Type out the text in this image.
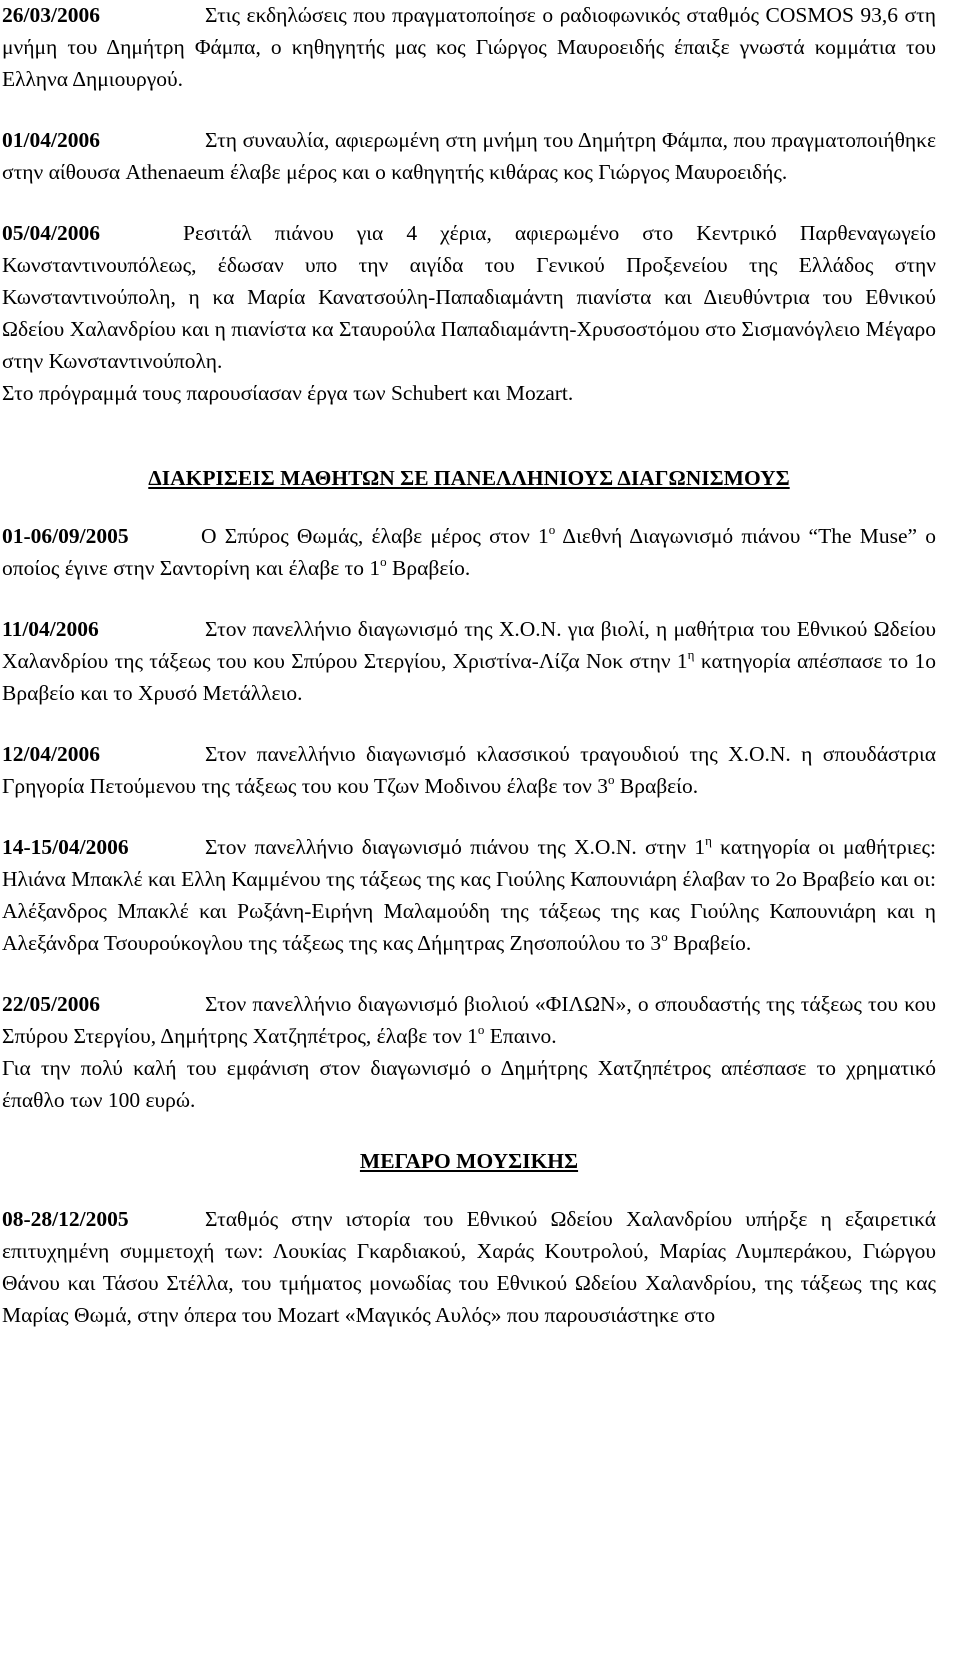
26/03/2006	Στις εκδηλώσεις που πραγματοποίησε ο ραδιοφωνικός σταθμός COSMOS 93,6 στη μνήμη του Δημήτρη Φάμπα, ο κηθηγητής μας κος Γιώργος Μαυροειδής έπαιξε γνωστά κομμάτια του Ελληνα Δημιουργού.

01/04/2006	Στη συναυλία, αφιερωμένη στη μνήμη του Δημήτρη Φάμπα, που πραγματοποιήθηκε στην αίθουσα Athenaeum έλαβε μέρος και ο καθηγητής κιθάρας κος Γιώργος Μαυροειδής.

05/04/2006	Ρεσιτάλ πιάνου για 4 χέρια, αφιερωμένο στο Κεντρικό Παρθεναγωγείο Κωνσταντινουπόλεως, έδωσαν υπο την αιγίδα του Γενικού Προξενείου της Ελλάδος στην Κωνσταντινούπολη, η κα Μαρία Κανατσούλη-Παπαδιαμάντη πιανίστα και Διευθύντρια του Εθνικού Ωδείου Χαλανδρίου και η πιανίστα κα Σταυρούλα Παπαδιαμάντη-Χρυσοστόμου στο Σισμανόγλειο Μέγαρο στην Κωνσταντινούπολη.

Στο πρόγραμμά τους παρουσίασαν έργα των Schubert και Mozart.

ΔΙΑΚΡΙΣΕΙΣ ΜΑΘΗΤΩΝ ΣΕ ΠΑΝΕΛΛΗΝΙΟΥΣ ΔΙΑΓΩΝΙΣΜΟΥΣ

01-06/09/2005	Ο Σπύρος Θωμάς, έλαβε μέρος στον $1^o$ Διεθνή Διαγωνισμό πιάνου “The Muse” ο οποίος έγινε στην Σαντορίνη και έλαβε το $1^o$ Βραβείο.

11/04/2006	Στον πανελλήνιο διαγωνισμό της Χ.Ο.Ν. για βιολί, η μαθήτρια του Εθνικού Ωδείου Χαλανδρίου της τάξεως του κου Σπύρου Στεργίου, Χριστίνα-Λίζα Νοκ στην $1^\eta$ κατηγορία απέσπασε το 1ο Βραβείο και το Χρυσό Μετάλλειο.

12/04/2006	Στον πανελλήνιο διαγωνισμό κλασσικού τραγουδιού της Χ.Ο.Ν. η σπουδάστρια Γρηγορία Πετούμενου της τάξεως του κου Τζων Μοδινου έλαβε τον $3^o$ Βραβείο.

14-15/04/2006	Στον πανελλήνιο διαγωνισμό πιάνου της Χ.Ο.Ν. στην $1^\eta$ κατηγορία οι μαθήτριες: Ηλιάνα Μπακλέ και Ελλη Καμμένου της τάξεως της κας Γιούλης Καπουνιάρη έλαβαν το 2ο Βραβείο και οι: Αλέξανδρος Μπακλέ και Ρωξάνη-Ειρήνη Μαλαμούδη της τάξεως της κας Γιούλης Καπουνιάρη και η Αλεξάνδρα Τσουρούκογλου της τάξεως της κας Δήμητρας Ζησοπούλου το $3^o$ Βραβείο.

22/05/2006	Στον πανελλήνιο διαγωνισμό βιολιού «ΦΙΛΩΝ», ο σπουδαστής της τάξεως του κου Σπύρου Στεργίου, Δημήτρης Χατζηπέτρος, έλαβε τον $1^o$ Επαινο.

Για την πολύ καλή του εμφάνιση στον διαγωνισμό ο Δημήτρης Χατζηπέτρος απέσπασε το χρηματικό έπαθλο των 100 ευρώ.

ΜΕΓΑΡΟ ΜΟΥΣΙΚΗΣ

08-28/12/2005	Σταθμός στην ιστορία του Εθνικού Ωδείου Χαλανδρίου υπήρξε η εξαιρετικά επιτυχημένη συμμετοχή των: Λουκίας Γκαρδιακού, Χαράς Κουτρολού, Μαρίας Λυμπεράκου, Γιώργου Θάνου και Τάσου Στέλλα, του τμήματος μονωδίας του Εθνικού Ωδείου Χαλανδρίου, της τάξεως της κας Μαρίας Θωμά, στην όπερα του Mozart «Μαγικός Αυλός» που παρουσιάστηκε στο
